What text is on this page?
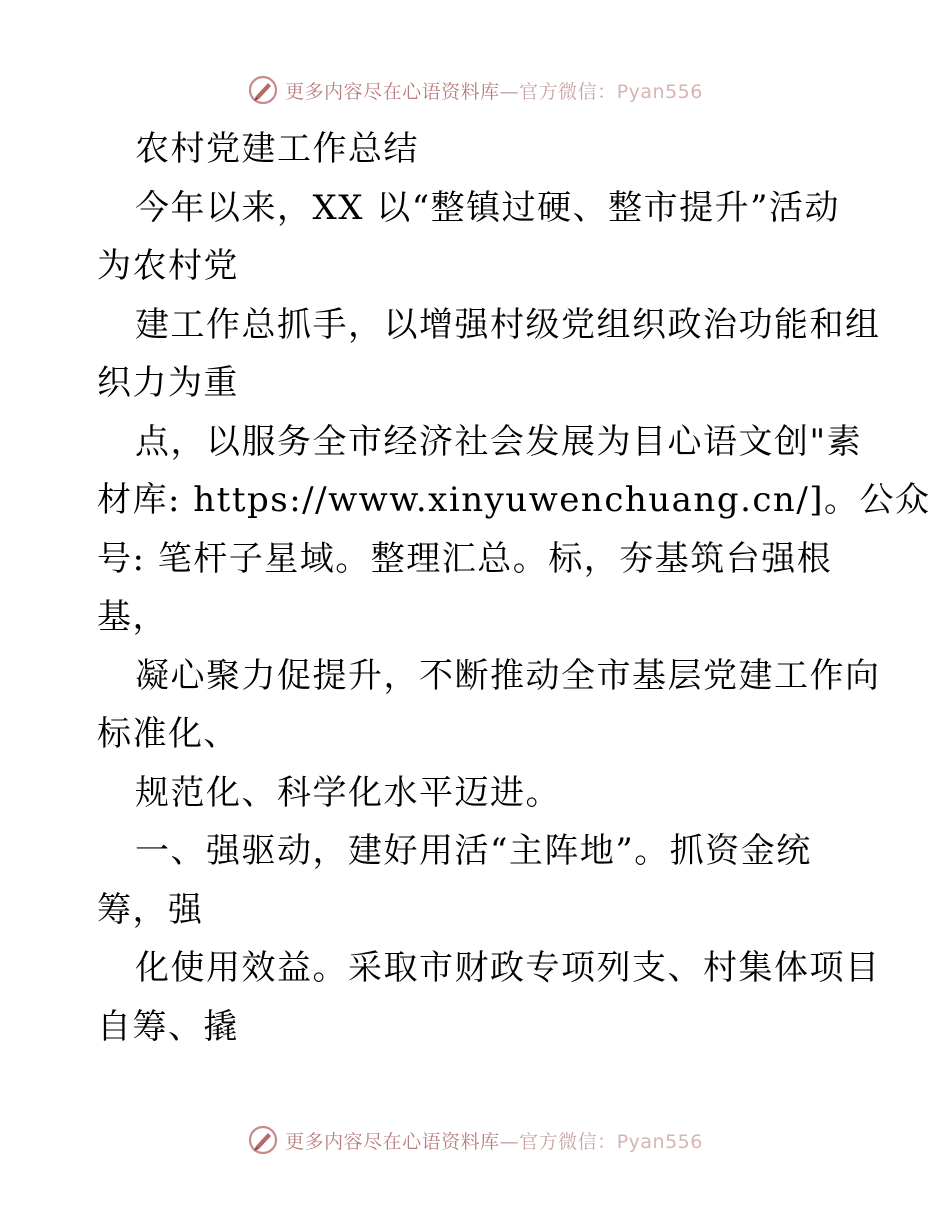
更多内容尽在心语资料库—官方微信：Pyan556
农村党建工作总结
今年以来，XX 以“整镇过硬、整市提升”活动
为农村党
建工作总抓手，以增强村级党组织政治功能和组
织力为重
点，以服务全市经济社会发展为目心语文创"素
材库: https://www.xinyuwenchuang.cn/]。公众
号: 笔杆子星域。整理汇总。标，夯基筑台强根
基，
凝心聚力促提升，不断推动全市基层党建工作向
标准化、
规范化、科学化水平迈进。
一、强驱动，建好用活“主阵地”。抓资金统
筹，强
化使用效益。采取市财政专项列支、村集体项目
自筹、撬
更多内容尽在心语资料库—官方微信：Pyan556
